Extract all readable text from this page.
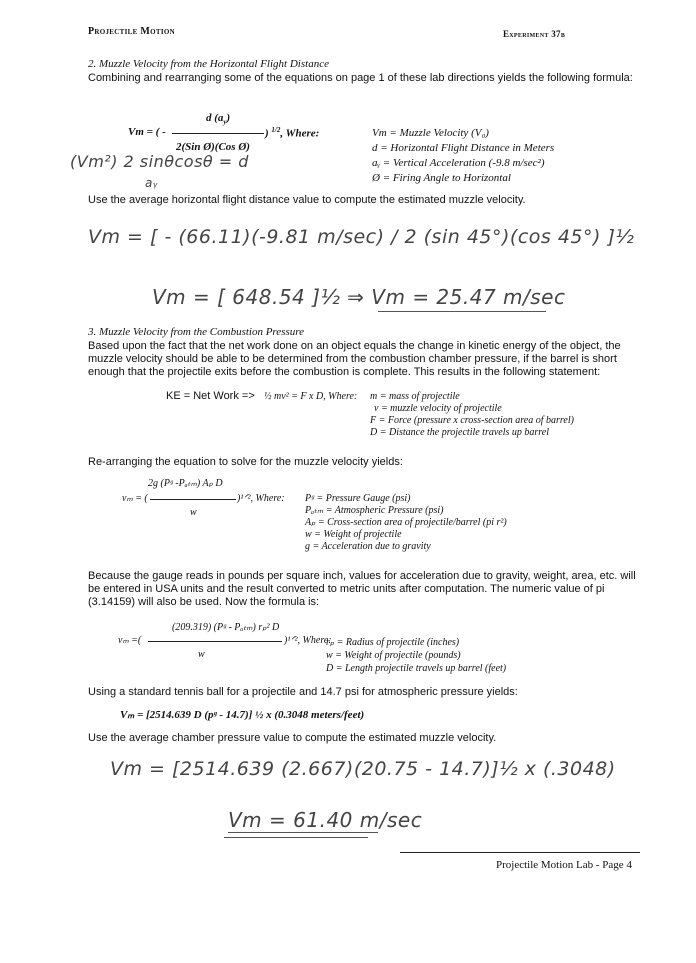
Projectile Motion	Experiment 37b
2. Muzzle Velocity from the Horizontal Flight Distance
Combining and rearranging some of the equations on page 1 of these lab directions yields the following formula:
d $(a_y)$
Vm = ( -	) $^{1/2}$, Where:
2(Sin Ø)(Cos Ø)
Vm = Muzzle Velocity (V₀)
d = Horizontal Flight Distance in Meters
aᵧ = Vertical Acceleration (-9.8 m/sec²)
Ø = Firing Angle to Horizontal
(Vm²) 2 sinθcosθ = d
aᵧ
Use the average horizontal flight distance value to compute the estimated muzzle velocity.
Vm = [ - (66.11)(-9.81 m/sec) / 2 (sin 45°)(cos 45°) ]½
Vm = [ 648.54 ]½ ⇒ Vm = 25.47 m/sec
3. Muzzle Velocity from the Combustion Pressure
Based upon the fact that the net work done on an object equals the change in kinetic energy of the object, the muzzle velocity should be able to be determined from the combustion chamber pressure, if the barrel is short enough that the projectile exits before the combustion is complete. This results in the following statement:
KE = Net Work => ½ mv² = F x D, Where: m = mass of projectile
v = muzzle velocity of projectile
F = Force (pressure x cross-section area of barrel)
D = Distance the projectile travels up barrel
Re-arranging the equation to solve for the muzzle velocity yields:
2g (Pᵍ -Pₐₜₘ) Aₚ D
vₘ = (	)¹ᐟ², Where:
w
Pᵍ = Pressure Gauge (psi)
Pₐₜₘ = Atmospheric Pressure (psi)
Aₚ = Cross-section area of projectile/barrel (pi r²)
w = Weight of projectile
g = Acceleration due to gravity
Because the gauge reads in pounds per square inch, values for acceleration due to gravity, weight, area, etc. will be entered in USA units and the result converted to metric units after computation. The numeric value of pi (3.14159) will also be used. Now the formula is:
(209.319) (Pᵍ - Pₐₜₘ) rₚ² D
vₘ =(	)¹ᐟ², Where:
w
rₚ = Radius of projectile (inches)
w = Weight of projectile (pounds)
D = Length projectile travels up barrel (feet)
Using a standard tennis ball for a projectile and 14.7 psi for atmospheric pressure yields:
Vₘ = [2514.639 D (pᵍ - 14.7)] ½ x (0.3048 meters/feet)
Use the average chamber pressure value to compute the estimated muzzle velocity.
Vm = [2514.639 (2.667)(20.75 - 14.7)]½ x (.3048)
Vm = 61.40 m/sec
Projectile Motion Lab - Page 4
